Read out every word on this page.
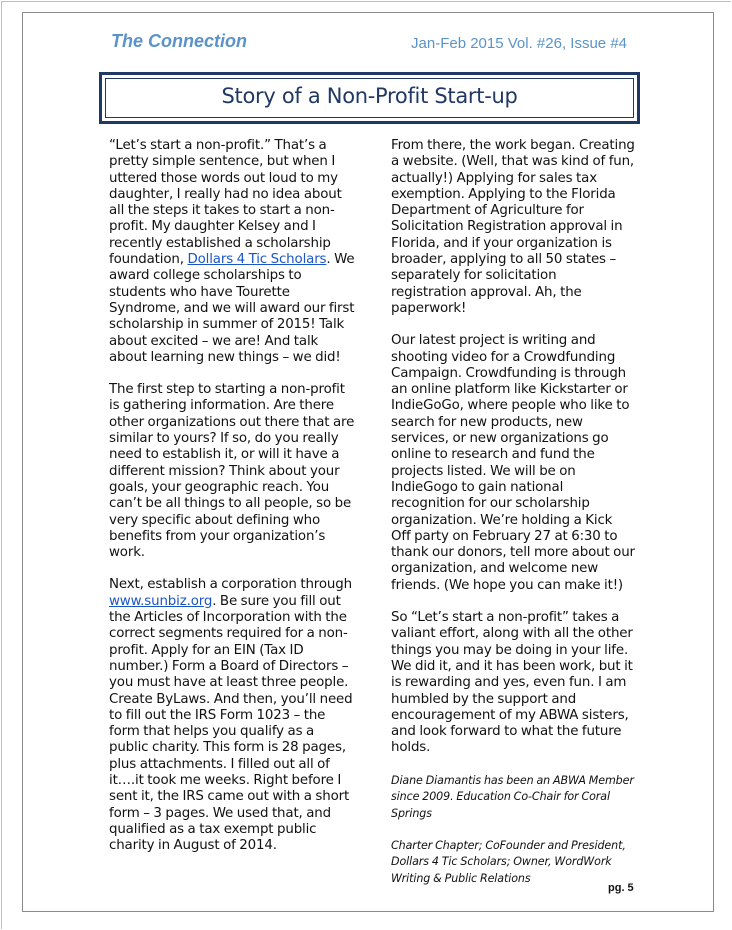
The Connection	Jan-Feb 2015 Vol. #26, Issue #4
Story of a Non-Profit Start-up

“Let’s start a non-profit.” That’s a pretty simple sentence, but when I uttered those words out loud to my daughter, I really had no idea about all the steps it takes to start a non-profit. My daughter Kelsey and I recently established a scholarship foundation, Dollars 4 Tic Scholars. We award college scholarships to students who have Tourette Syndrome, and we will award our first scholarship in summer of 2015! Talk about excited – we are! And talk about learning new things – we did!

The first step to starting a non-profit is gathering information. Are there other organizations out there that are similar to yours? If so, do you really need to establish it, or will it have a different mission? Think about your goals, your geographic reach. You can’t be all things to all people, so be very specific about defining who benefits from your organization’s work.

Next, establish a corporation through www.sunbiz.org. Be sure you fill out the Articles of Incorporation with the correct segments required for a non-profit. Apply for an EIN (Tax ID number.) Form a Board of Directors – you must have at least three people. Create ByLaws. And then, you’ll need to fill out the IRS Form 1023 – the form that helps you qualify as a public charity. This form is 28 pages, plus attachments. I filled out all of it….it took me weeks. Right before I sent it, the IRS came out with a short form – 3 pages. We used that, and qualified as a tax exempt public charity in August of 2014.

From there, the work began. Creating a website. (Well, that was kind of fun, actually!) Applying for sales tax exemption. Applying to the Florida Department of Agriculture for Solicitation Registration approval in Florida, and if your organization is broader, applying to all 50 states – separately for solicitation registration approval. Ah, the paperwork!

Our latest project is writing and shooting video for a Crowdfunding Campaign. Crowdfunding is through an online platform like Kickstarter or IndieGoGo, where people who like to search for new products, new services, or new organizations go online to research and fund the projects listed. We will be on IndieGogo to gain national recognition for our scholarship organization. We’re holding a Kick Off party on February 27 at 6:30 to thank our donors, tell more about our organization, and welcome new friends. (We hope you can make it!)

So “Let’s start a non-profit” takes a valiant effort, along with all the other things you may be doing in your life. We did it, and it has been work, but it is rewarding and yes, even fun. I am humbled by the support and encouragement of my ABWA sisters, and look forward to what the future holds.

Diane Diamantis has been an ABWA Member since 2009. Education Co-Chair for Coral Springs

Charter Chapter; CoFounder and President, Dollars 4 Tic Scholars; Owner, WordWork Writing & Public Relations

pg. 5
